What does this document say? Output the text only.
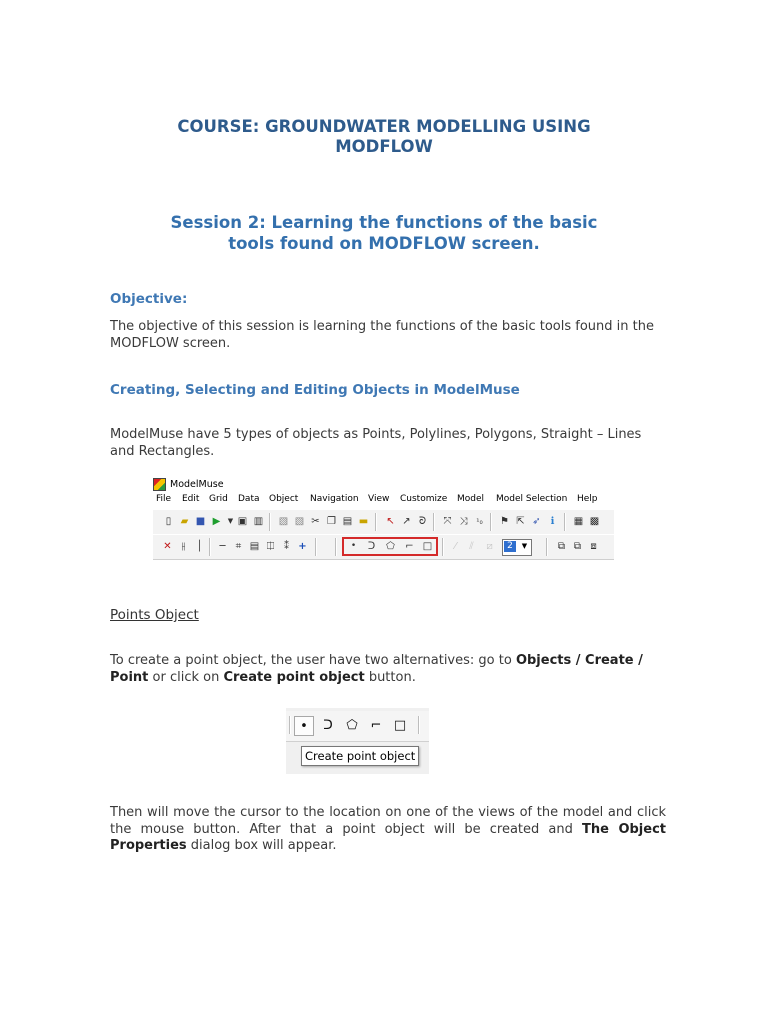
COURSE: GROUNDWATER MODELLING USING
MODFLOW
Session 2: Learning the functions of the basic
tools found on MODFLOW screen.
Objective:
The objective of this session is learning the functions of the basic tools found in the MODFLOW screen.
Creating, Selecting and Editing Objects in ModelMuse
ModelMuse have 5 types of objects as Points, Polylines, Polygons, Straight – Lines and Rectangles.
ModelMuse
File Edit Grid Data Object Navigation View Customize Model Model Selection Help
▯ ▰ ■ ▶	▼ ▣ ▥ ▧ ▧ ✂ ❐ ▤ ▬ ↖ ↗ ᘐ ⤧ ⤨	¹₀	⚑ ⇱ ➶ ℹ	▦ ▩
✕	⫲	│	─	⌗ ▤ ⎅ ⁑ +	•	ᑐ ⬠ ⌐ □	⁄	⫽	⧄	2	▼	⧉ ⧉ ⧈
Points Object
To create a point object, the user have two alternatives: go to Objects / Create / Point or click on Create point object button.
•	ᑐ	⬠ ⌐ □
Create point object
Then will move the cursor to the location on one of the views of the model and click the mouse button. After that a point object will be created and The Object Properties dialog box will appear.
